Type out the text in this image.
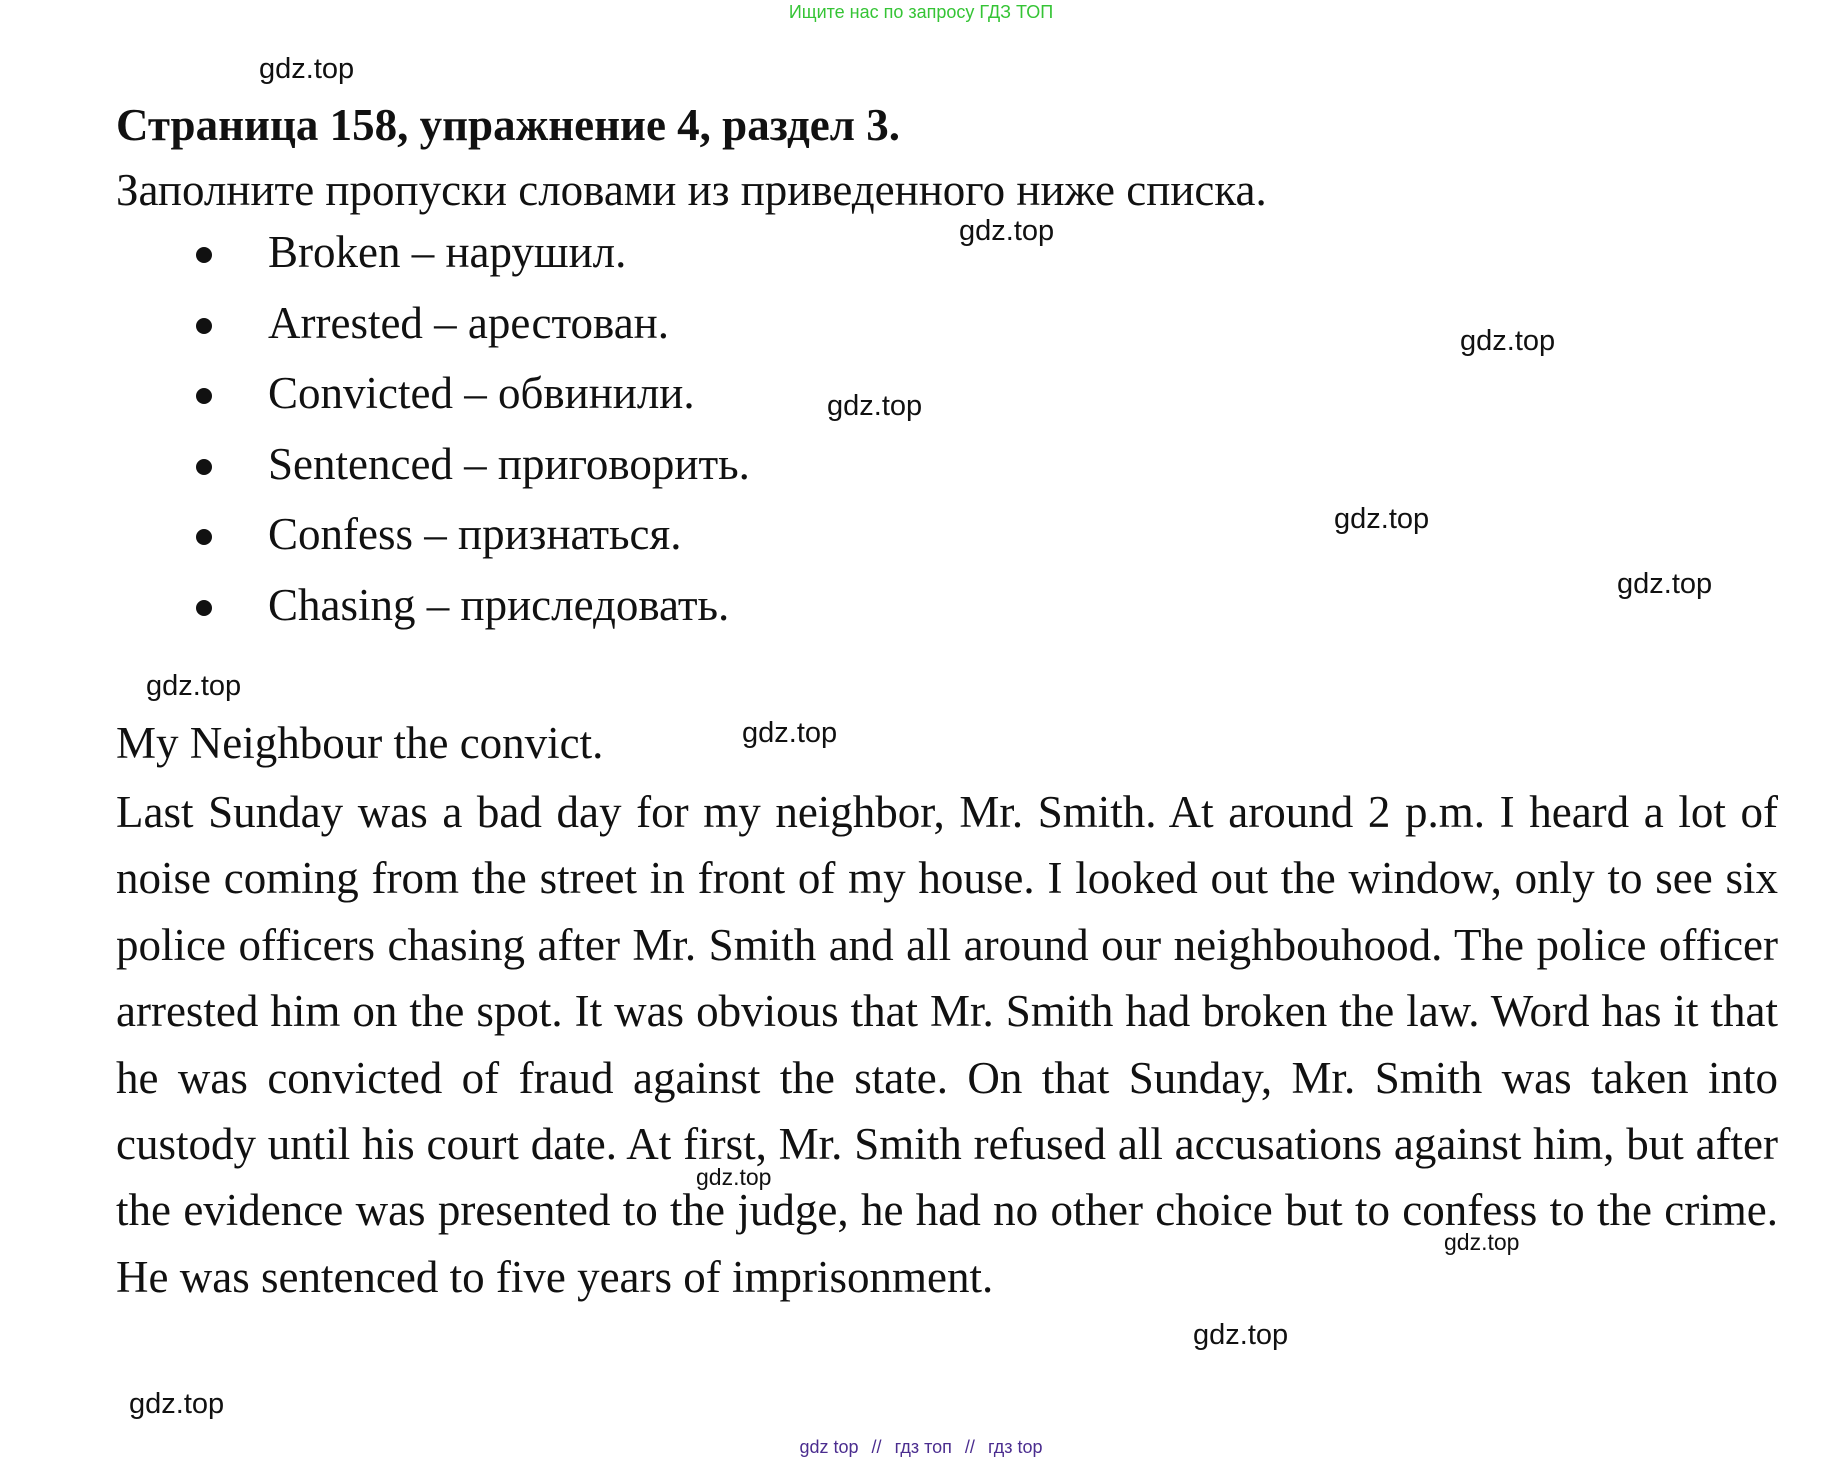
Ищите нас по запросу ГДЗ ТОП
gdz.top
Страница 158, упражнение 4, раздел 3.
Заполните пропуски словами из приведенного ниже списка.
gdz.top
Broken – нарушил.
Arrested – арестован.
Convicted – обвинили.
Sentenced – приговорить.
Confess – признаться.
Chasing – приследовать.
gdz.top
gdz.top
gdz.top
gdz.top
gdz.top
My Neighbour the convict.	gdz.top
Last Sunday was a bad day for my neighbor, Mr. Smith. At around 2 p.m. I heard a lot of noise coming from the street in front of my house. I looked out the window, only to see six police officers chasing after Mr. Smith and all around our neighbouhood. The police officer arrested him on the spot. It was obvious that Mr. Smith had broken the law. Word has it that he was convicted of fraud against the state. On that Sunday, Mr. Smith was taken into custody until his court date. At first, Mr. Smith refused all accusations against him, but after the evidence was presented to the judge, he had no other choice but to confess to the crime. He was sentenced to five years of imprisonment.
gdz.top
gdz.top
gdz.top
gdz.top
gdz top // гдз топ // гдз top
